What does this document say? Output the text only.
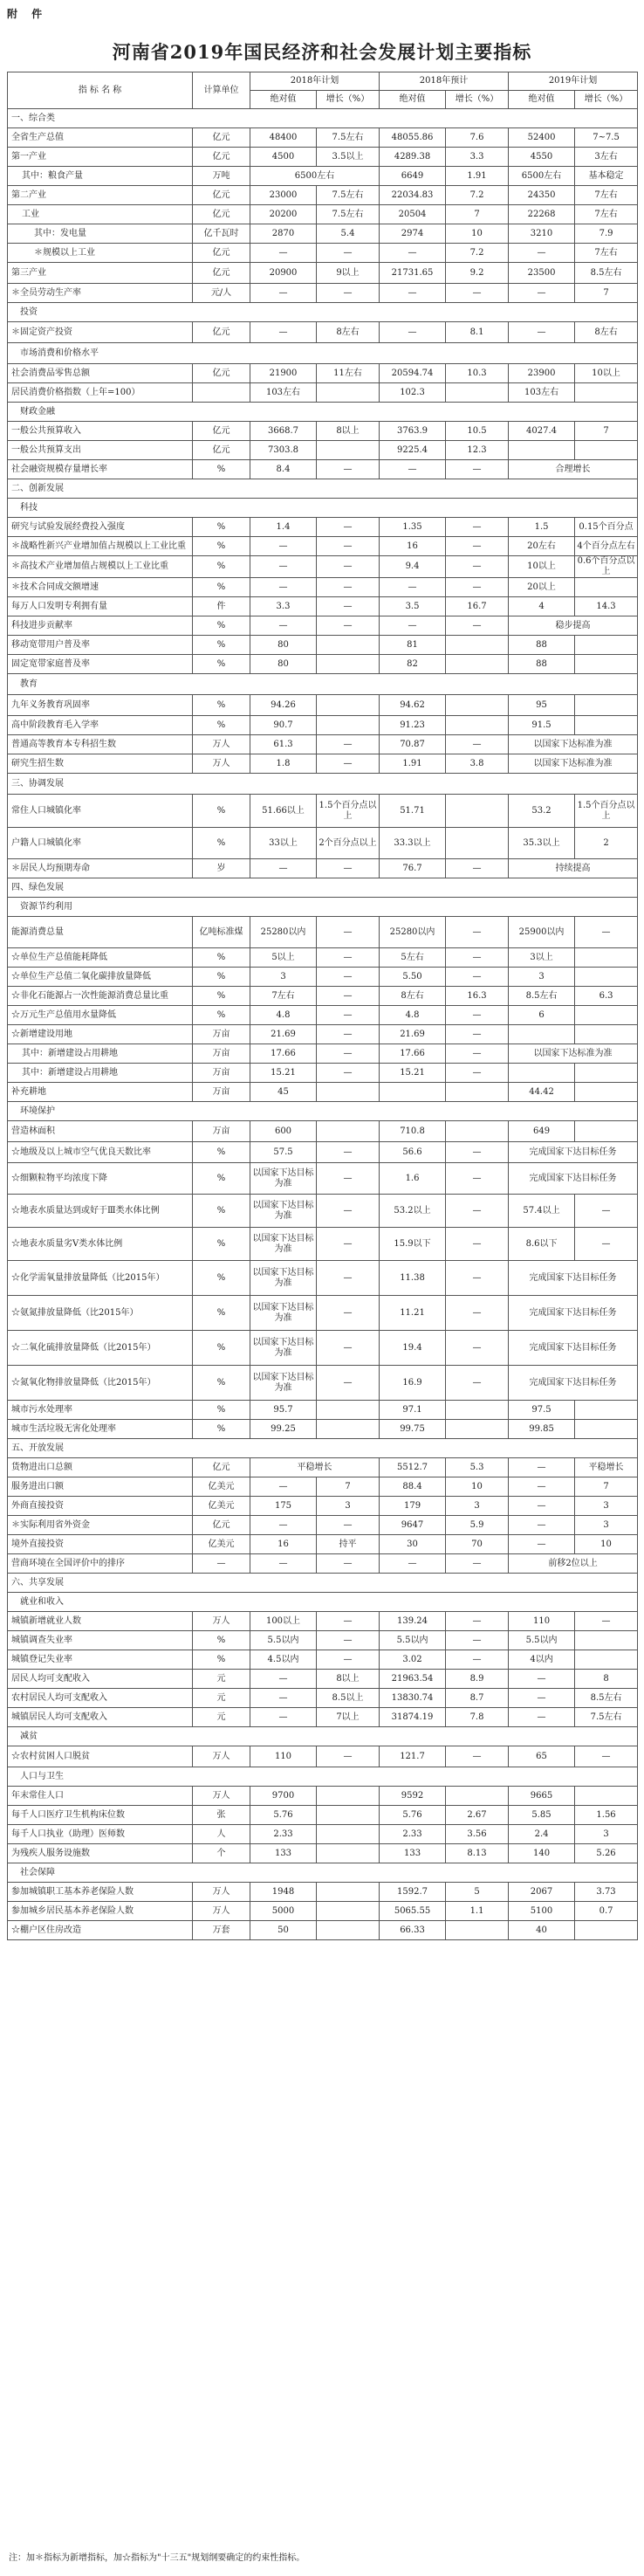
附 件
河南省2019年国民经济和社会发展计划主要指标
指 标 名 称	计算单位	2018年计划		2018年预计		2019年计划	
		绝对值	增长（%）	绝对值	增长（%）	绝对值	增长（%）
一、综合类							
全省生产总值	亿元	48400	7.5左右	48055.86	7.6	52400	7~7.5
第一产业	亿元	4500	3.5以上	4289.38	3.3	4550	3左右
其中：粮食产量	万吨	6500左右		6649	1.91	6500左右	基本稳定
第二产业	亿元	23000	7.5左右	22034.83	7.2	24350	7左右
工业	亿元	20200	7.5左右	20504	7	22268	7左右
其中：发电量	亿千瓦时	2870	5.4	2974	10	3210	7.9
＊规模以上工业	亿元	—	—	—	7.2	—	7左右
第三产业	亿元	20900	9以上	21731.65	9.2	23500	8.5左右
＊全员劳动生产率	元/人	—	—	—	—	—	7
投资							
＊固定资产投资	亿元	—	8左右	—	8.1	—	8左右
市场消费和价格水平							
社会消费品零售总额	亿元	21900	11左右	20594.74	10.3	23900	10以上
居民消费价格指数（上年=100）		103左右		102.3		103左右	
财政金融							
一般公共预算收入	亿元	3668.7	8以上	3763.9	10.5	4027.4	7
一般公共预算支出	亿元	7303.8		9225.4	12.3		
社会融资规模存量增长率	%	8.4	—	—	—	合理增长	
二、创新发展							
科技							
研究与试验发展经费投入强度	%	1.4	—	1.35	—	1.5	0.15个百分点
＊战略性新兴产业增加值占规模以上工业比重	%	—	—	16	—	20左右	4个百分点左右
＊高技术产业增加值占规模以上工业比重	%	—	—	9.4	—	10以上	0.6个百分点以上
＊技术合同成交额增速	%	—	—	—	—	20以上	
每万人口发明专利拥有量	件	3.3	—	3.5	16.7	4	14.3
科技进步贡献率	%	—	—	—	—	稳步提高	
移动宽带用户普及率	%	80		81		88	
固定宽带家庭普及率	%	80		82		88	
教育							
九年义务教育巩固率	%	94.26		94.62		95	
高中阶段教育毛入学率	%	90.7		91.23		91.5	
普通高等教育本专科招生数	万人	61.3	—	70.87	—	以国家下达标准为准	
研究生招生数	万人	1.8	—	1.91	3.8	以国家下达标准为准	
三、协调发展							
常住人口城镇化率	%	51.66以上	1.5个百分点以上	51.71		53.2	1.5个百分点以上
户籍人口城镇化率	%	33以上	2个百分点以上	33.3以上		35.3以上	2
＊居民人均预期寿命	岁	—	—	76.7	—	持续提高	
四、绿色发展							
资源节约利用							
能源消费总量	亿吨标准煤	25280以内	—	25280以内	—	25900以内	—
☆单位生产总值能耗降低	%	5以上	—	5左右	—	3以上	
☆单位生产总值二氧化碳排放量降低	%	3	—	5.50	—	3	
☆非化石能源占一次性能源消费总量比重	%	7左右	—	8左右	16.3	8.5左右	6.3
☆万元生产总值用水量降低	%	4.8	—	4.8	—	6	
☆新增建设用地	万亩	21.69	—	21.69	—		
其中：新增建设占用耕地	万亩	17.66	—	17.66	—	以国家下达标准为准	
其中：新增建设占用耕地	万亩	15.21	—	15.21	—		
补充耕地	万亩	45				44.42	
环境保护							
营造林面积	万亩	600		710.8		649	
☆地级及以上城市空气优良天数比率	%	57.5	—	56.6	—	完成国家下达目标任务	
☆细颗粒物平均浓度下降	%	以国家下达目标为准	—	1.6	—	完成国家下达目标任务	
☆地表水质量达到或好于Ⅲ类水体比例	%	以国家下达目标为准	—	53.2以上	—	57.4以上	—
☆地表水质量劣Ⅴ类水体比例	%	以国家下达目标为准	—	15.9以下	—	8.6以下	—
☆化学需氧量排放量降低（比2015年）	%	以国家下达目标为准	—	11.38	—	完成国家下达目标任务	
☆氨氮排放量降低（比2015年）	%	以国家下达目标为准	—	11.21	—	完成国家下达目标任务	
☆二氧化硫排放量降低（比2015年）	%	以国家下达目标为准	—	19.4	—	完成国家下达目标任务	
☆氮氧化物排放量降低（比2015年）	%	以国家下达目标为准	—	16.9	—	完成国家下达目标任务	
城市污水处理率	%	95.7		97.1		97.5	
城市生活垃圾无害化处理率	%	99.25		99.75		99.85	
五、开放发展							
货物进出口总额	亿元	平稳增长		5512.7	5.3	—	平稳增长
服务进出口额	亿美元	—	7	88.4	10	—	7
外商直接投资	亿美元	175	3	179	3	—	3
＊实际利用省外资金	亿元	—	—	9647	5.9	—	3
境外直接投资	亿美元	16	持平	30	70	—	10
营商环境在全国评价中的排序	—	—	—	—	—	前移2位以上	
六、共享发展							
就业和收入							
城镇新增就业人数	万人	100以上	—	139.24	—	110	—
城镇调查失业率	%	5.5以内	—	5.5以内	—	5.5以内	
城镇登记失业率	%	4.5以内	—	3.02	—	4以内	
居民人均可支配收入	元	—	8以上	21963.54	8.9	—	8
农村居民人均可支配收入	元	—	8.5以上	13830.74	8.7	—	8.5左右
城镇居民人均可支配收入	元	—	7以上	31874.19	7.8	—	7.5左右
减贫							
☆农村贫困人口脱贫	万人	110	—	121.7	—	65	—
人口与卫生							
年末常住人口	万人	9700		9592		9665	
每千人口医疗卫生机构床位数	张	5.76		5.76	2.67	5.85	1.56
每千人口执业（助理）医师数	人	2.33		2.33	3.56	2.4	3
为残疾人服务设施数	个	133		133	8.13	140	5.26
社会保障							
参加城镇职工基本养老保险人数	万人	1948		1592.7	5	2067	3.73
参加城乡居民基本养老保险人数	万人	5000		5065.55	1.1	5100	0.7
☆棚户区住房改造	万套	50		66.33		40	
注：加＊指标为新增指标，加☆指标为"十三五"规划纲要确定的约束性指标。
